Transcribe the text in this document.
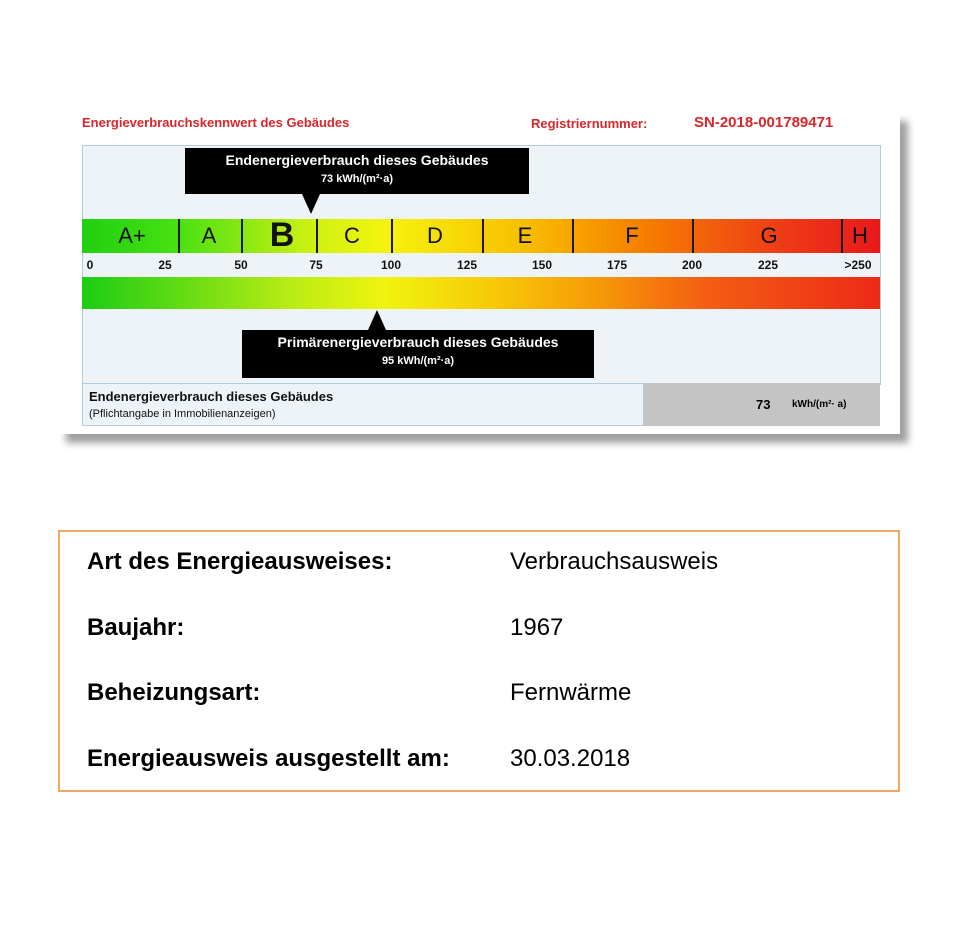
Energieverbrauchskennwert des Gebäudes	Registriernummer:	SN-2018-001789471
Endenergieverbrauch dieses Gebäudes
73 kWh/(m²·a)
A+	A B C	D	E	F	G	H
0	25	50	75	100	125	150	175	200	225	>250
Primärenergieverbrauch dieses Gebäudes
95 kWh/(m²·a)
Endenergieverbrauch dieses Gebäudes
(Pflichtangabe in Immobilienanzeigen)
73 kWh/(m²· a)
Art des Energieausweises:	Verbrauchsausweis
Baujahr:	1967
Beheizungsart:	Fernwärme
Energieausweis ausgestellt am:	30.03.2018
